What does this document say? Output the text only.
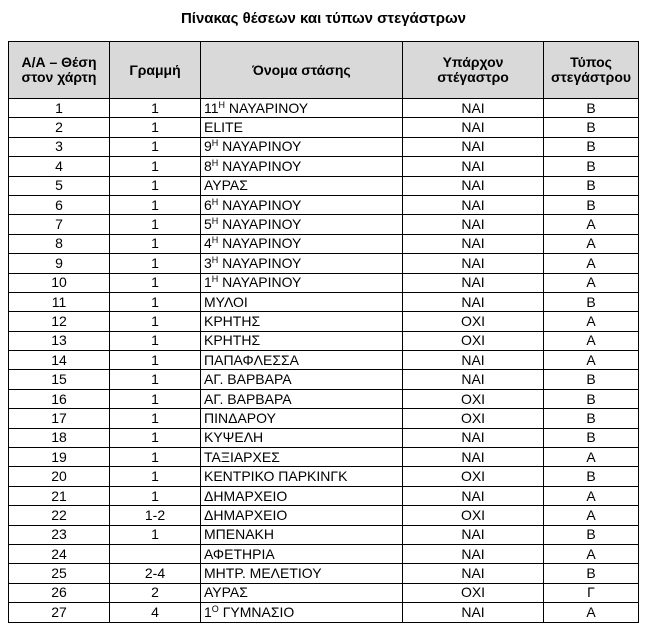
Πίνακας θέσεων και τύπων στεγάστρων
Α/Α – Θέση στον χάρτη	Γραμμή	Όνομα στάσης	Υπάρχον στέγαστρο	Τύπος στεγάστρου
1	1	$11^H$ ΝΑΥΑΡΙΝΟΥ	ΝΑΙ	Β
2	1	ELITE	ΝΑΙ	Β
3	1	$9^H$ ΝΑΥΑΡΙΝΟΥ	ΝΑΙ	Β
4	1	$8^H$ ΝΑΥΑΡΙΝΟΥ	ΝΑΙ	Β
5	1	ΑΥΡΑΣ	ΝΑΙ	Β
6	1	$6^H$ ΝΑΥΑΡΙΝΟΥ	ΝΑΙ	Β
7	1	$5^H$ ΝΑΥΑΡΙΝΟΥ	ΝΑΙ	Α
8	1	$4^H$ ΝΑΥΑΡΙΝΟΥ	ΝΑΙ	Α
9	1	$3^H$ ΝΑΥΑΡΙΝΟΥ	ΝΑΙ	Α
10	1	$1^H$ ΝΑΥΑΡΙΝΟΥ	ΝΑΙ	Α
11	1	ΜΥΛΟΙ	ΝΑΙ	Β
12	1	ΚΡΗΤΗΣ	ΟΧΙ	Α
13	1	ΚΡΗΤΗΣ	ΟΧΙ	Α
14	1	ΠΑΠΑΦΛΕΣΣΑ	ΝΑΙ	Α
15	1	ΑΓ. ΒΑΡΒΑΡΑ	ΝΑΙ	Β
16	1	ΑΓ. ΒΑΡΒΑΡΑ	ΟΧΙ	Β
17	1	ΠΙΝΔΑΡΟΥ	ΟΧΙ	Β
18	1	ΚΥΨΕΛΗ	ΝΑΙ	Β
19	1	ΤΑΞΙΑΡΧΕΣ	ΝΑΙ	Α
20	1	ΚΕΝΤΡΙΚΟ ΠΑΡΚΙΝΓΚ	ΟΧΙ	Β
21	1	ΔΗΜΑΡΧΕΙΟ	ΝΑΙ	Α
22	1-2	ΔΗΜΑΡΧΕΙΟ	ΟΧΙ	Α
23	1	ΜΠΕΝΑΚΗ	ΝΑΙ	Β
24		ΑΦΕΤΗΡΙΑ	ΝΑΙ	Α
25	2-4	ΜΗΤΡ. ΜΕΛΕΤΙΟΥ	ΝΑΙ	Β
26	2	ΑΥΡΑΣ	ΟΧΙ	Γ
27	4	$1^O$ ΓΥΜΝΑΣΙΟ	ΝΑΙ	Α
